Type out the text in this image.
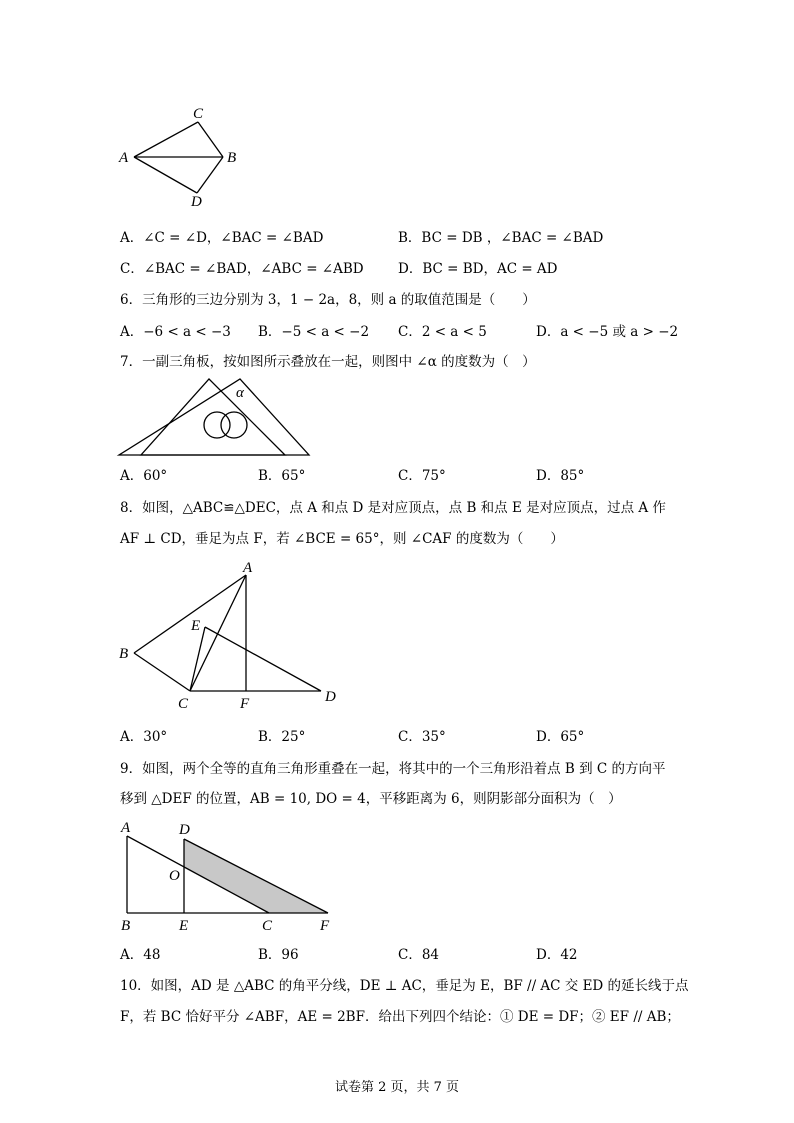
C
A	B
D
A．∠C = ∠D，∠BAC = ∠BAD	B．BC = DB ，∠BAC = ∠BAD
C．∠BAC = ∠BAD，∠ABC = ∠ABD	D．BC = BD，AC = AD
6．三角形的三边分别为 3，1 − 2a，8，则 a 的取值范围是（　　）
A．−6 < a < −3 B．−5 < a < −2 C．2 < a < 5	D．a < −5 或 a > −2
7．一副三角板，按如图所示叠放在一起，则图中 ∠α 的度数为（　）
α
A．60°	B．65°	C．75°	D．85°
8．如图，△ABC≌△DEC，点 A 和点 D 是对应顶点，点 B 和点 E 是对应顶点，过点 A 作
AF ⊥ CD，垂足为点 F，若 ∠BCE = 65°，则 ∠CAF 的度数为（　　）
A
B
E
C	F	D
A．30°	B．25°	C．35°	D．65°
9．如图，两个全等的直角三角形重叠在一起，将其中的一个三角形沿着点 B 到 C 的方向平
移到 △DEF 的位置，AB = 10, DO = 4，平移距离为 6，则阴影部分面积为（　）
A	D
O
B	E	C	F
A．48	B．96	C．84	D．42
10．如图，AD 是 △ABC 的角平分线，DE ⊥ AC，垂足为 E，BF // AC 交 ED 的延长线于点
F，若 BC 恰好平分 ∠ABF，AE = 2BF．给出下列四个结论：① DE = DF；② EF // AB；
试卷第 2 页，共 7 页
